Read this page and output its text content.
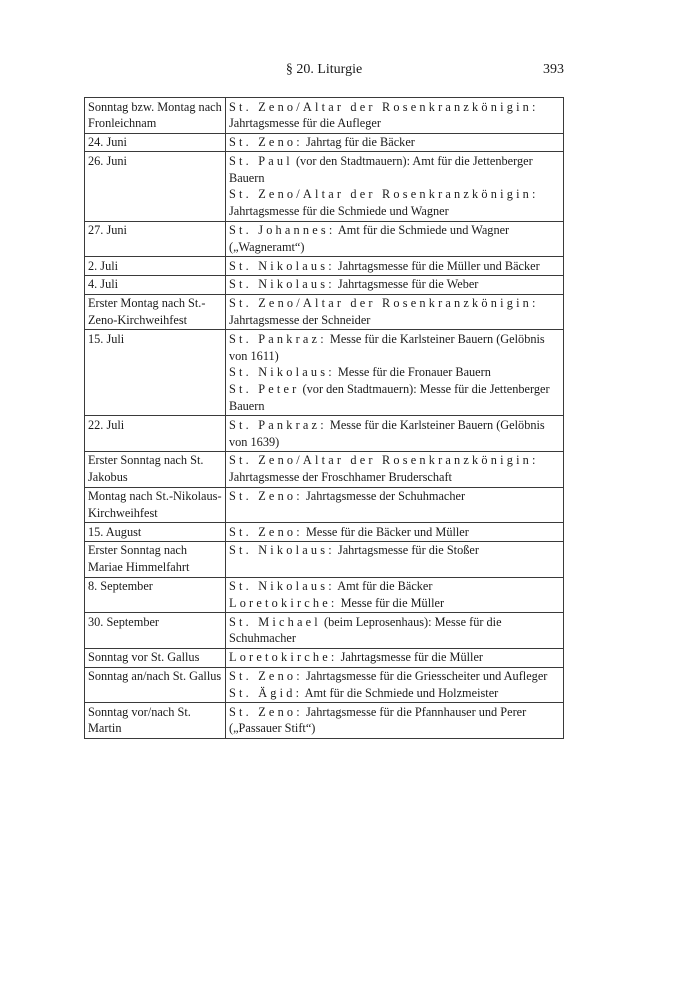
§ 20. Liturgie	393
Sonntag bzw. Montag nach Fronleichnam	St. Zeno/Altar der Rosenkranzkönigin: Jahrtagsmesse für die Aufleger

24. Juni	St. Zeno: Jahrtag für die Bäcker

26. Juni	St. Paul (vor den Stadtmauern): Amt für die Jettenberger Bauern
St. Zeno/Altar der Rosenkranzkönigin: Jahrtagsmesse für die Schmiede und Wagner

27. Juni	St. Johannes: Amt für die Schmiede und Wagner („Wagneramt“)

2. Juli	St. Nikolaus: Jahrtagsmesse für die Müller und Bäcker

4. Juli	St. Nikolaus: Jahrtagsmesse für die Weber

Erster Montag nach St.-Zeno-Kirchweihfest	St. Zeno/Altar der Rosenkranzkönigin: Jahrtagsmesse der Schneider

15. Juli	St. Pankraz: Messe für die Karlsteiner Bauern (Gelöbnis von 1611)
St. Nikolaus: Messe für die Fronauer Bauern
St. Peter (vor den Stadtmauern): Messe für die Jettenberger Bauern

22. Juli	St. Pankraz: Messe für die Karlsteiner Bauern (Gelöbnis von 1639)

Erster Sonntag nach St. Jakobus	St. Zeno/Altar der Rosenkranzkönigin: Jahrtagsmesse der Froschhamer Bruderschaft

Montag nach St.-Nikolaus-Kirchweihfest	St. Zeno: Jahrtagsmesse der Schuhmacher

15. August	St. Zeno: Messe für die Bäcker und Müller

Erster Sonntag nach Mariae Himmelfahrt	St. Nikolaus: Jahrtagsmesse für die Stoßer

8. September	St. Nikolaus: Amt für die Bäcker
Loretokirche: Messe für die Müller

30. September	St. Michael (beim Leprosenhaus): Messe für die Schuhmacher

Sonntag vor St. Gallus	Loretokirche: Jahrtagsmesse für die Müller

Sonntag an/nach St. Gallus	St. Zeno: Jahrtagsmesse für die Griesscheiter und Aufleger
St. Ägid: Amt für die Schmiede und Holzmeister

Sonntag vor/nach St. Martin	St. Zeno: Jahrtagsmesse für die Pfannhauser und Perer („Passauer Stift“)
